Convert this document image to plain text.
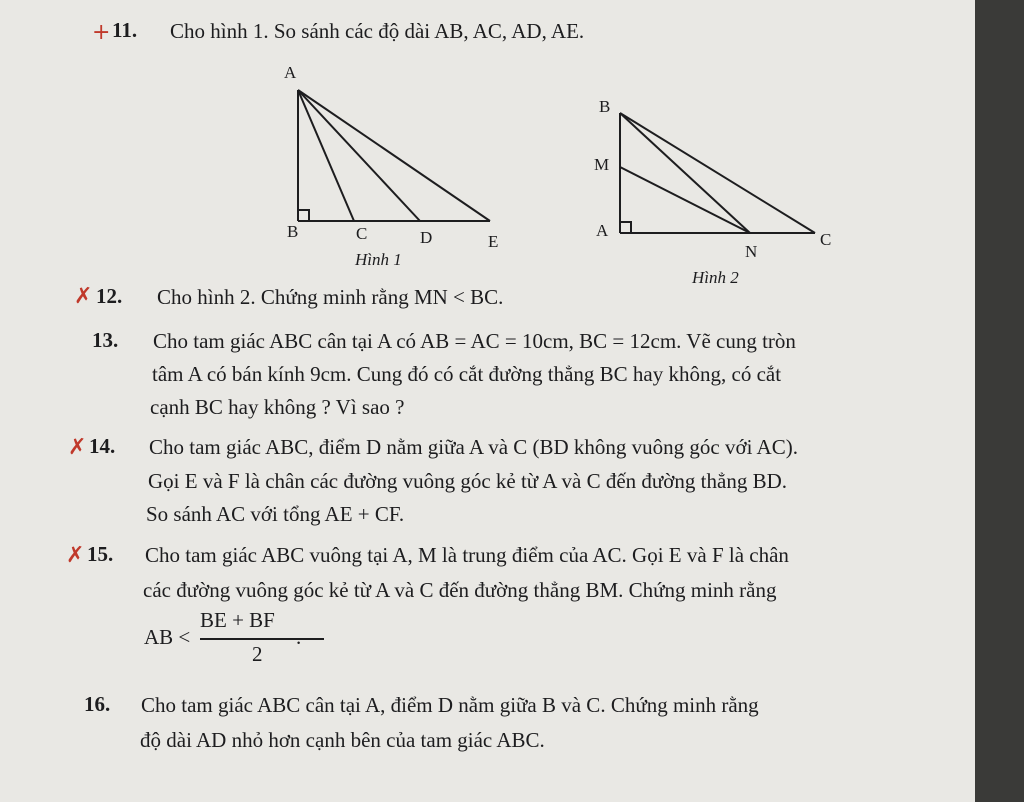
+ 11. Cho hình 1. So sánh các độ dài AB, AC, AD, AE.
A
B	C	D	E
Hình 1
B
M
A
N
C
Hình 2
✗ 12. Cho hình 2. Chứng minh rằng MN < BC.
13. Cho tam giác ABC cân tại A có AB = AC = 10cm, BC = 12cm. Vẽ cung tròn
tâm A có bán kính 9cm. Cung đó có cắt đường thẳng BC hay không, có cắt
cạnh BC hay không ? Vì sao ?
✗ 14. Cho tam giác ABC, điểm D nằm giữa A và C (BD không vuông góc với AC).
Gọi E và F là chân các đường vuông góc kẻ từ A và C đến đường thẳng BD.
So sánh AC với tổng AE + CF.
✗ 15. Cho tam giác ABC vuông tại A, M là trung điểm của AC. Gọi E và F là chân
các đường vuông góc kẻ từ A và C đến đường thẳng BM. Chứng minh rằng
AB <
BE + BF
2
.
16. Cho tam giác ABC cân tại A, điểm D nằm giữa B và C. Chứng minh rằng
độ dài AD nhỏ hơn cạnh bên của tam giác ABC.
